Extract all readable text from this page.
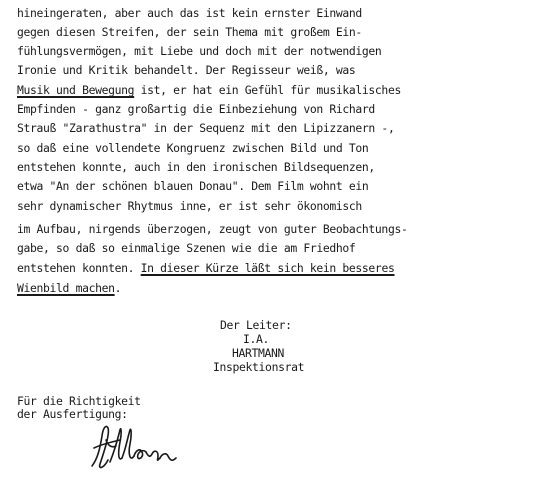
hineingeraten, aber auch das ist kein ernster Einwand
gegen diesen Streifen, der sein Thema mit großem Ein-
fühlungsvermögen, mit Liebe und doch mit der notwendigen
Ironie und Kritik behandelt. Der Regisseur weiß, was
Musik und Bewegung ist, er hat ein Gefühl für musikalisches
Empfinden - ganz großartig die Einbeziehung von Richard
Strauß "Zarathustra" in der Sequenz mit den Lipizzanern -,
so daß eine vollendete Kongruenz zwischen Bild und Ton
entstehen konnte, auch in den ironischen Bildsequenzen,
etwa "An der schönen blauen Donau". Dem Film wohnt ein
sehr dynamischer Rhytmus inne, er ist sehr ökonomisch
im Aufbau, nirgends überzogen, zeugt von guter Beobachtungs-
gabe, so daß so einmalige Szenen wie die am Friedhof
entstehen konnten. In dieser Kürze läßt sich kein besseres
Wienbild machen.
Der Leiter:
I.A.
HARTMANN
Inspektionsrat
Für die Richtigkeit
der Ausfertigung:
